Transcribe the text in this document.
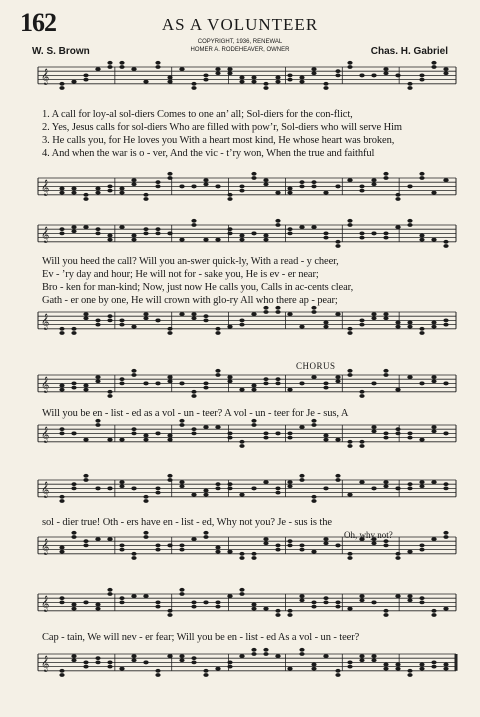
162	AS A VOLUNTEER
COPYRIGHT, 1936, RENEWAL
HOMER A. RODEHEAVER, OWNER
W. S. Brown	Chas. H. Gabriel
𝄞
𝄞
𝄞
𝄞
𝄞
𝄞
𝄞
𝄞
𝄞
𝄞
1. A call for loy-al sol-diers Comes to one an’ all; Sol-diers for the con-flict,
2. Yes, Jesus calls for sol-diers Who are filled with pow’r, Sol-diers who will serve Him
3. He calls you, for He loves you With a heart most kind, He whose heart was broken,
4. And when the war is o - ver, And the vic - t’ry won, When the true and faithful
Will you heed the call? Will you an-swer quick-ly, With a read - y cheer,
Ev - ’ry day and hour; He will not for - sake you, He is ev - er near;
Bro - ken for man-kind; Now, just now He calls you, Calls in ac-cents clear,
Gath - er one by one, He will crown with glo-ry All who there ap - pear;
CHORUS
Will you be en - list - ed as a vol - un - teer? A vol - un - teer for Je - sus, A
sol - dier true! Oth - ers have en - list - ed, Why not you? Je - sus is the
Oh, why not?
Cap - tain, We will nev - er fear; Will you be en - list - ed As a vol - un - teer?
